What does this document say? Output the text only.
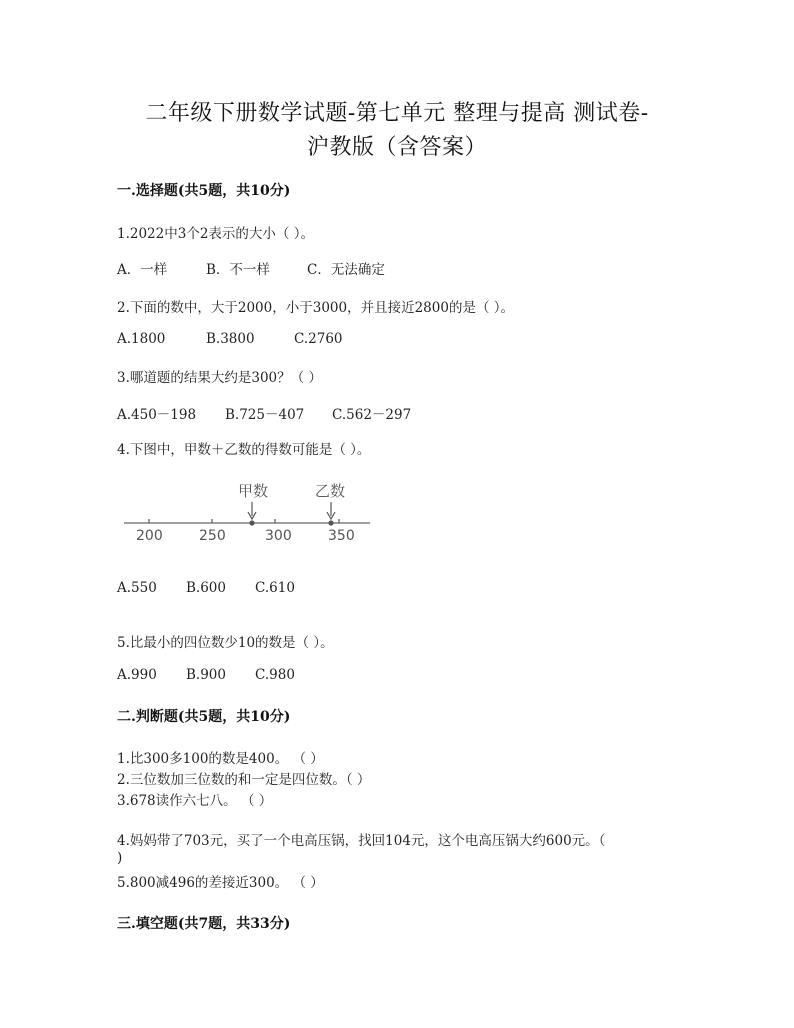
二年级下册数学试题-第七单元 整理与提高 测试卷-
沪教版（含答案）
一.选择题(共5题，共10分)
1.2022中3个2表示的大小（ ）。
A．一样	B．不一样	C．无法确定
2.下面的数中，大于2000，小于3000，并且接近2800的是（ ）。
A.1800	B.3800	C.2760
3.哪道题的结果大约是300？（ ）
A.450－198 B.725－407 C.562－297
4.下图中，甲数＋乙数的得数可能是（ ）。
甲数	乙数
200	250	300	350
A.550 B.600 C.610
5.比最小的四位数少10的数是（ ）。
A.990 B.900 C.980
二.判断题(共5题，共10分)
1.比300多100的数是400。 （ ）
2.三位数加三位数的和一定是四位数。（ ）
3.678读作六七八。 （ ）
4.妈妈带了703元，买了一个电高压锅，找回104元，这个电高压锅大约600元。（
)
5.800减496的差接近300。 （ ）
三.填空题(共7题，共33分)
